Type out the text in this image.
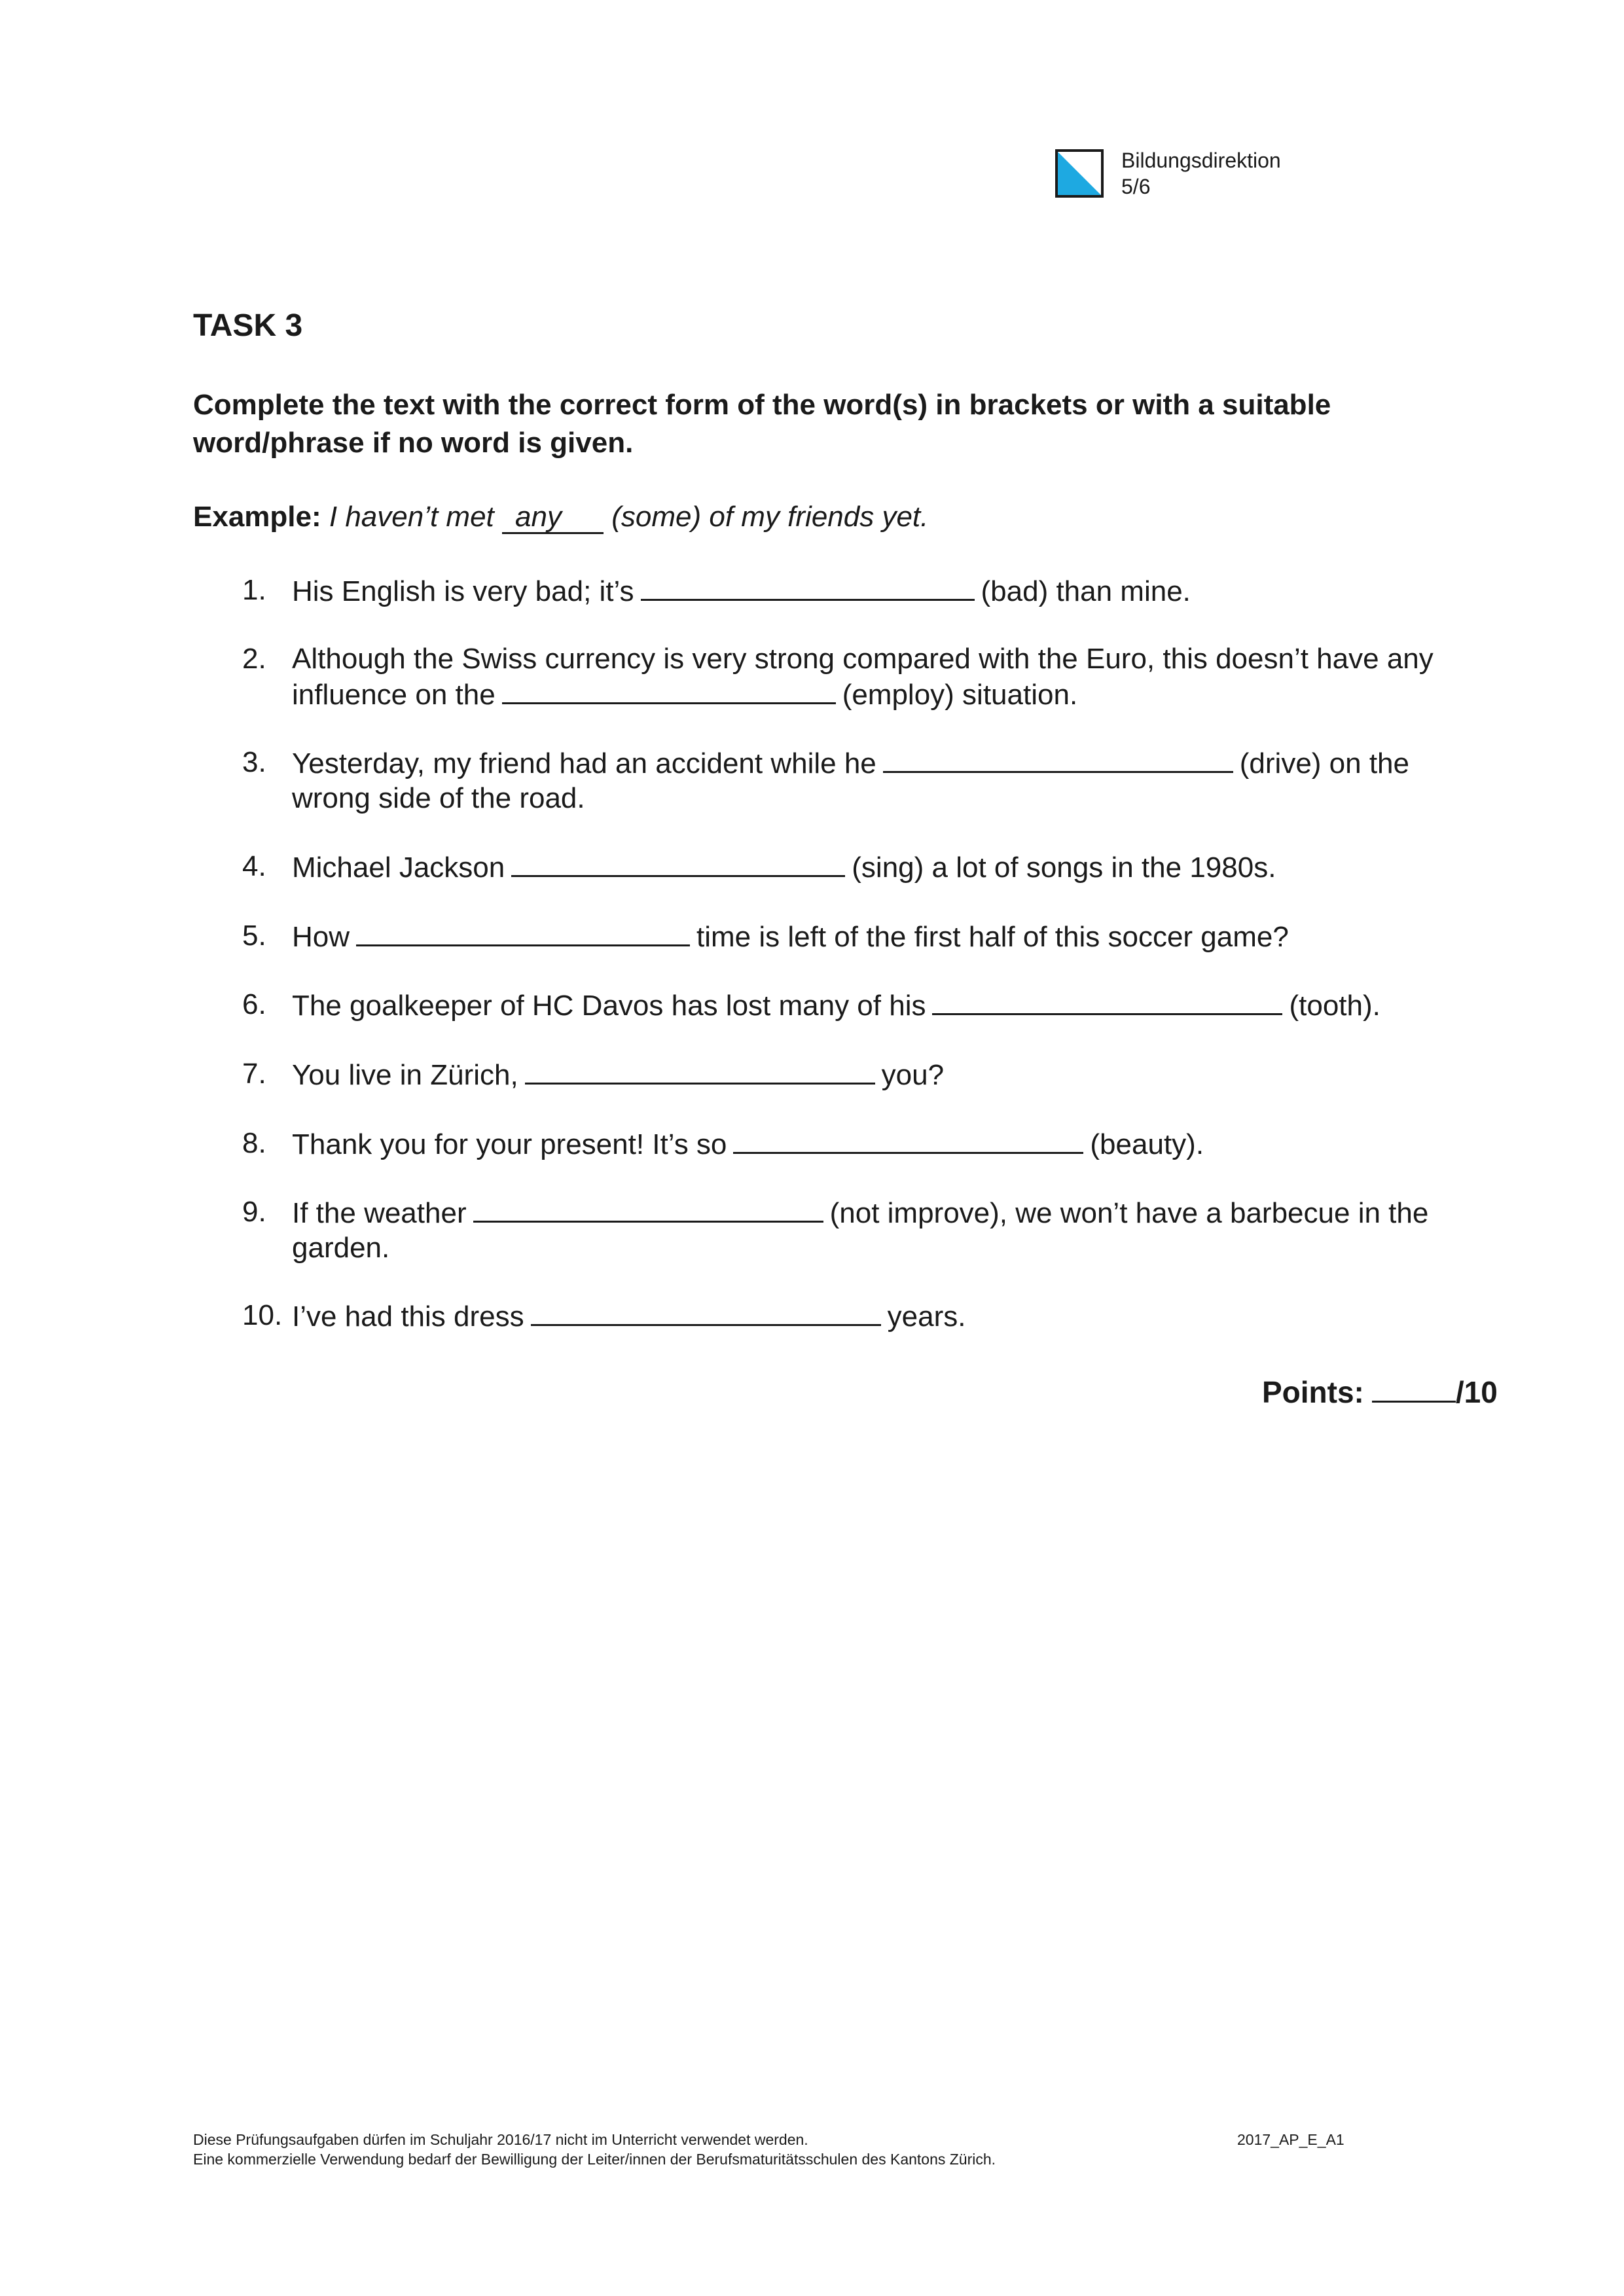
Bildungsdirektion
5/6
TASK 3
Complete the text with the correct form of the word(s) in brackets or with a suitable word/phrase if no word is given.
Example: I haven’t met any (some) of my friends yet.
1. His English is very bad; it’s	(bad) than mine.
2. Although the Swiss currency is very strong compared with the Euro, this doesn’t have any influence on the	(employ) situation.
3. Yesterday, my friend had an accident while he	(drive) on the wrong side of the road.
4. Michael Jackson	(sing) a lot of songs in the 1980s.
5. How	time is left of the first half of this soccer game?
6. The goalkeeper of HC Davos has lost many of his	(tooth).
7. You live in Zürich,	you?
8. Thank you for your present! It’s so	(beauty).
9. If the weather	(not improve), we won’t have a barbecue in the garden.
10. I’ve had this dress	years.
Points:	/10
Diese Prüfungsaufgaben dürfen im Schuljahr 2016/17 nicht im Unterricht verwendet werden.
Eine kommerzielle Verwendung bedarf der Bewilligung der Leiter/innen der Berufsmaturitätsschulen des Kantons Zürich.
2017_AP_E_A1
